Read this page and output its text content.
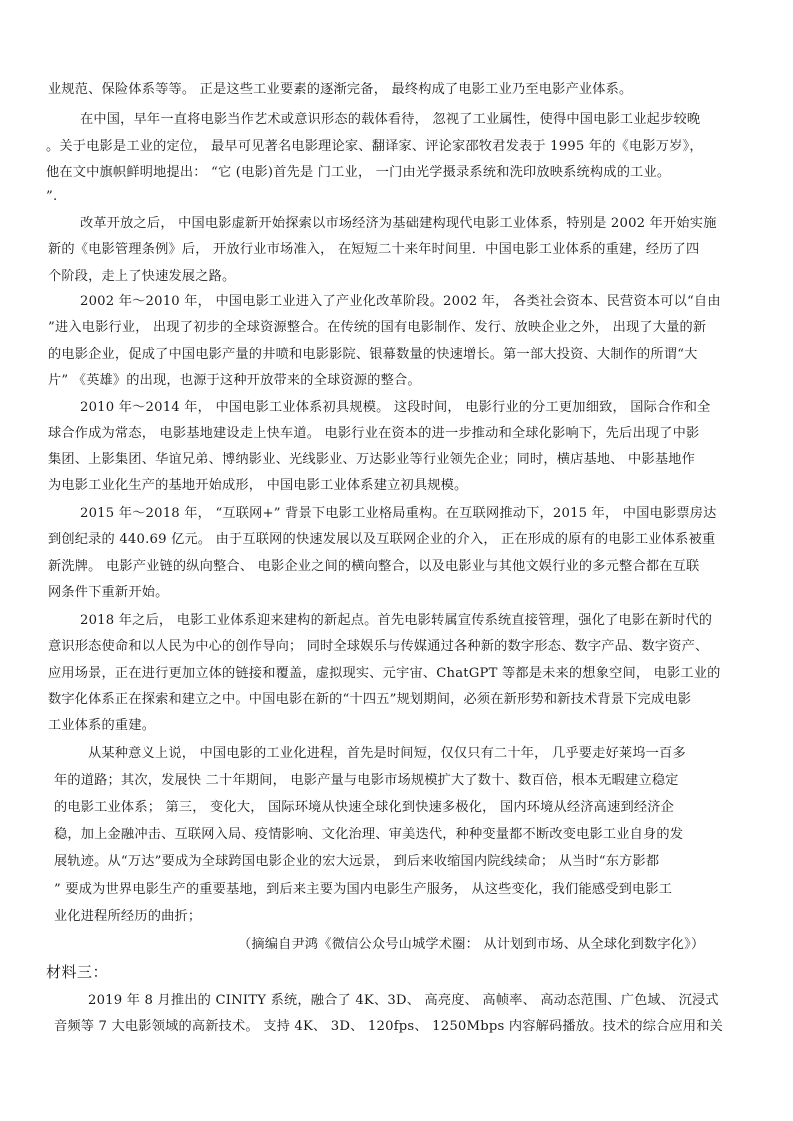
业规范、保险体系等等。 正是这些工业要素的逐渐完备， 最终构成了电影工业乃至电影产业体系。
在中国，早年一直将电影当作艺术或意识形态的载体看待， 忽视了工业属性，使得中国电影工业起步较晚
。关于电影是工业的定位， 最早可见著名电影理论家、翻译家、评论家邵牧君发表于 1995 年的《电影万岁》，
他在文中旗帜鲜明地提出： “它 (电影)首先是 门工业， 一门由光学摄录系统和洗印放映系统构成的工业。
”.
改革开放之后， 中国电影虚新开始探索以市场经济为基础建构现代电影工业体系，特别是 2002 年开始实施
新的《电影管理条例》后， 开放行业市场准入， 在短短二十来年时间里．中国电影工业体系的重建，经历了四
个阶段，走上了快速发展之路。
2002 年～2010 年， 中国电影工业进入了产业化改革阶段。2002 年， 各类社会资本、民营资本可以“自由
”进入电影行业， 出现了初步的全球资源整合。在传统的国有电影制作、发行、放映企业之外， 出现了大量的新
的电影企业，促成了中国电影产量的井喷和电影影院、银幕数量的快速增长。第一部大投资、大制作的所谓“大
片” 《英雄》的出现，也源于这种开放带来的全球资源的整合。
2010 年～2014 年， 中国电影工业体系初具规模。 这段时间， 电影行业的分工更加细致， 国际合作和全
球合作成为常态， 电影基地建设走上快车道。 电影行业在资本的进一步推动和全球化影响下，先后出现了中影
集团、上影集团、华谊兄弟、博纳影业、光线影业、万达影业等行业领先企业；同时，横店基地、 中影基地作
为电影工业化生产的基地开始成形， 中国电影工业体系建立初具规模。
2015 年～2018 年， “互联网+” 背景下电影工业格局重构。在互联网推动下，2015 年， 中国电影票房达
到创纪录的 440.69 亿元。 由于互联网的快速发展以及互联网企业的介入， 正在形成的原有的电影工业体系被重
新洗牌。 电影产业链的纵向整合、 电影企业之间的横向整合，以及电影业与其他文娱行业的多元整合都在互联
网条件下重新开始。
2018 年之后， 电影工业体系迎来建构的新起点。首先电影转属宣传系统直接管理，强化了电影在新时代的
意识形态使命和以人民为中心的创作导向； 同时全球娱乐与传媒通过各种新的数字形态、数字产品、数字资产、
应用场景，正在进行更加立体的链接和覆盖，虚拟现实、元宇宙、ChatGPT 等都是未来的想象空间， 电影工业的
数字化体系正在探索和建立之中。中国电影在新的“十四五”规划期间，必须在新形势和新技术背景下完成电影
工业体系的重建。
从某种意义上说， 中国电影的工业化进程，首先是时间短，仅仅只有二十年， 几乎要走好莱坞一百多
年的道路；其次，发展快 二十年期间， 电影产量与电影市场规模扩大了数十、数百倍，根本无暇建立稳定
的电影工业体系； 第三， 变化大， 国际环境从快速全球化到快速多极化， 国内环境从经济高速到经济企
稳，加上金融冲击、互联网入局、疫情影响、文化治理、审美迭代，种种变量都不断改变电影工业自身的发
展轨迹。从“万达”要成为全球跨国电影企业的宏大远景， 到后来收缩国内院线续命； 从当时“东方影都
” 要成为世界电影生产的重要基地，到后来主要为国内电影生产服务， 从这些变化，我们能感受到电影工
业化进程所经历的曲折；
（摘编自尹鸿《微信公众号山城学术圈： 从计划到市场、从全球化到数字化》）
材料三：
2019 年 8 月推出的 CINITY 系统，融合了 4K、3D、 高亮度、 高帧率、 高动态范围、广色域、 沉浸式
音频等 7 大电影领域的高新技术。 支持 4K、 3D、 120fps、 1250Mbps 内容解码播放。技术的综合应用和关
